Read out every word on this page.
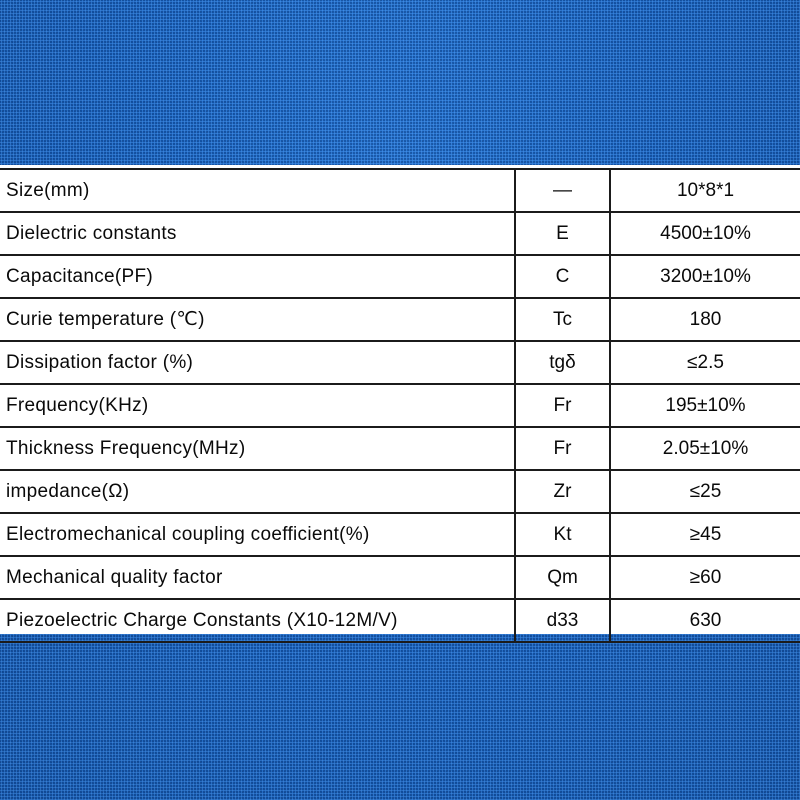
Size(mm)	—	10*8*1
Dielectric constants	E	4500±10%
Capacitance(PF)	C	3200±10%
Curie temperature (℃)	Tc	180
Dissipation factor (%)	tgδ	≤2.5
Frequency(KHz)	Fr	195±10%
Thickness Frequency(MHz)	Fr	2.05±10%
impedance(Ω)	Zr	≤25
Electromechanical coupling coefficient(%)	Kt	≥45
Mechanical quality factor	Qm	≥60
Piezoelectric Charge Constants (X10-12M/V)	d33	630
